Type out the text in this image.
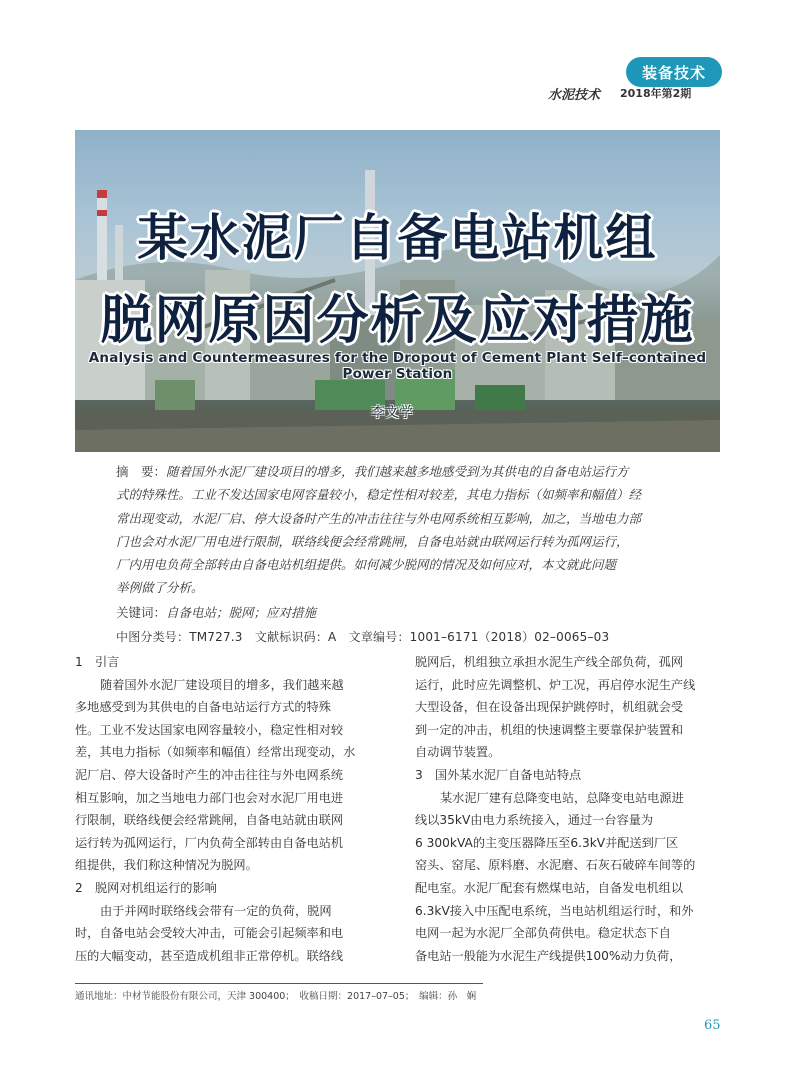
装备技术
水泥技术 2018年第2期
某水泥厂自备电站机组
脱网原因分析及应对措施
Analysis and Countermeasures for the Dropout of Cement Plant Self–contained Power Station
李文学

摘　要：随着国外水泥厂建设项目的增多，我们越来越多地感受到为其供电的自备电站运行方

式的特殊性。工业不发达国家电网容量较小，稳定性相对较差，其电力指标（如频率和幅值）经

常出现变动，水泥厂启、停大设备时产生的冲击往往与外电网系统相互影响，加之，当地电力部

门也会对水泥厂用电进行限制，联络线便会经常跳闸，自备电站就由联网运行转为孤网运行，

厂内用电负荷全部转由自备电站机组提供。如何减少脱网的情况及如何应对，本文就此问题

举例做了分析。

关键词：自备电站；脱网；应对措施
中图分类号：TM727.3　文献标识码：A　文章编号：1001–6171（2018）02–0065–03
1　引言
随着国外水泥厂建设项目的增多，我们越来越
多地感受到为其供电的自备电站运行方式的特殊
性。工业不发达国家电网容量较小，稳定性相对较
差，其电力指标（如频率和幅值）经常出现变动，水
泥厂启、停大设备时产生的冲击往往与外电网系统
相互影响，加之当地电力部门也会对水泥厂用电进
行限制，联络线便会经常跳闸，自备电站就由联网
运行转为孤网运行，厂内负荷全部转由自备电站机
组提供，我们称这种情况为脱网。
2　脱网对机组运行的影响
由于并网时联络线会带有一定的负荷，脱网
时，自备电站会受较大冲击，可能会引起频率和电
压的大幅变动，甚至造成机组非正常停机。联络线
脱网后，机组独立承担水泥生产线全部负荷，孤网
运行，此时应先调整机、炉工况，再启停水泥生产线
大型设备，但在设备出现保护跳停时，机组就会受
到一定的冲击，机组的快速调整主要靠保护装置和
自动调节装置。
3　国外某水泥厂自备电站特点
某水泥厂建有总降变电站，总降变电站电源进
线以35kV由电力系统接入，通过一台容量为
6 300kVA的主变压器降压至6.3kV并配送到厂区
窑头、窑尾、原料磨、水泥磨、石灰石破碎车间等的
配电室。水泥厂配套有燃煤电站，自备发电机组以
6.3kV接入中压配电系统，当电站机组运行时，和外
电网一起为水泥厂全部负荷供电。稳定状态下自
备电站一般能为水泥生产线提供100%动力负荷，
通讯地址：中材节能股份有限公司，天津 300400；　收稿日期：2017–07–05；　编辑：孙　娴
65
